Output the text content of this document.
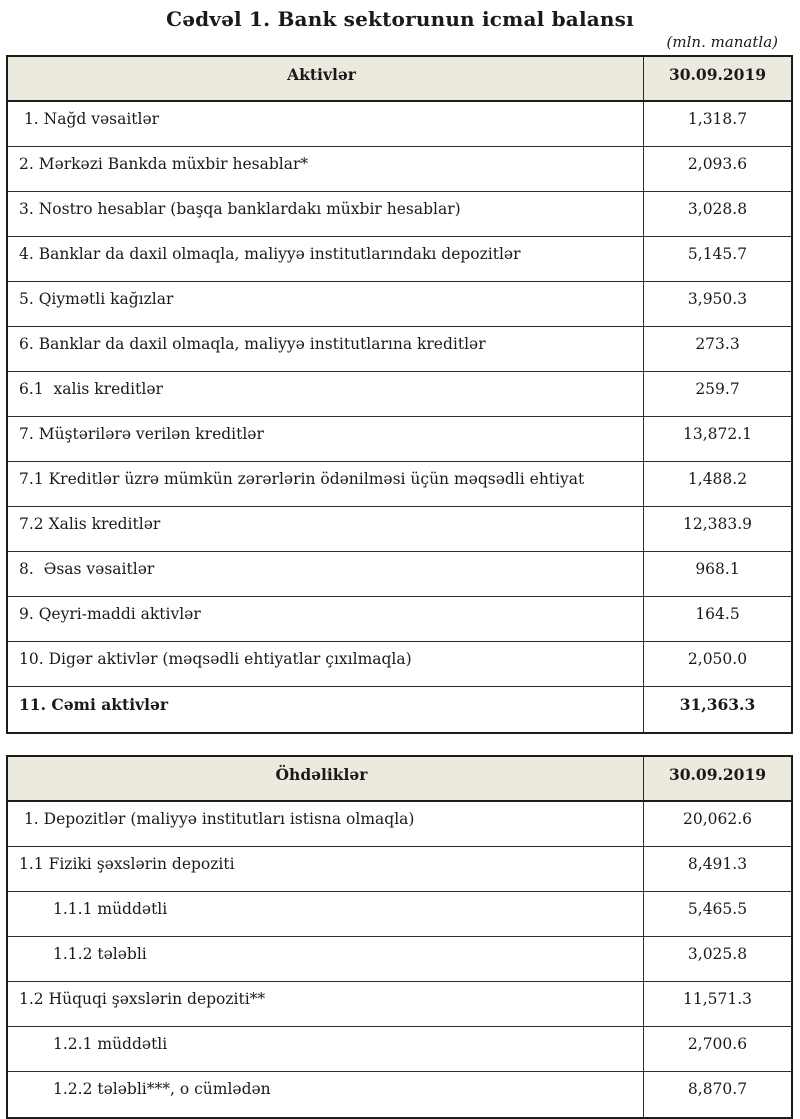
Cədvəl 1. Bank sektorunun icmal balansı
(mln. manatla)
Aktivlər	30.09.2019
1. Nağd vəsaitlər	1,318.7
2. Mərkəzi Bankda müxbir hesablar*	2,093.6
3. Nostro hesablar (başqa banklardakı müxbir hesablar)	3,028.8
4. Banklar da daxil olmaqla, maliyyə institutlarındakı depozitlər	5,145.7
5. Qiymətli kağızlar	3,950.3
6. Banklar da daxil olmaqla, maliyyə institutlarına kreditlər	273.3
6.1  xalis kreditlər	259.7
7. Müştərilərə verilən kreditlər	13,872.1
7.1 Kreditlər üzrə mümkün zərərlərin ödənilməsi üçün məqsədli ehtiyat	1,488.2
7.2 Xalis kreditlər	12,383.9
8.  Əsas vəsaitlər	968.1
9. Qeyri-maddi aktivlər	164.5
10. Digər aktivlər (məqsədli ehtiyatlar çıxılmaqla)	2,050.0
11. Cəmi aktivlər	31,363.3
Öhdəliklər	30.09.2019
1. Depozitlər (maliyyə institutları istisna olmaqla)	20,062.6
1.1 Fiziki şəxslərin depoziti	8,491.3
1.1.1 müddətli	5,465.5
1.1.2 tələbli	3,025.8
1.2 Hüquqi şəxslərin depoziti**	11,571.3
1.2.1 müddətli	2,700.6
1.2.2 tələbli***, o cümlədən	8,870.7
